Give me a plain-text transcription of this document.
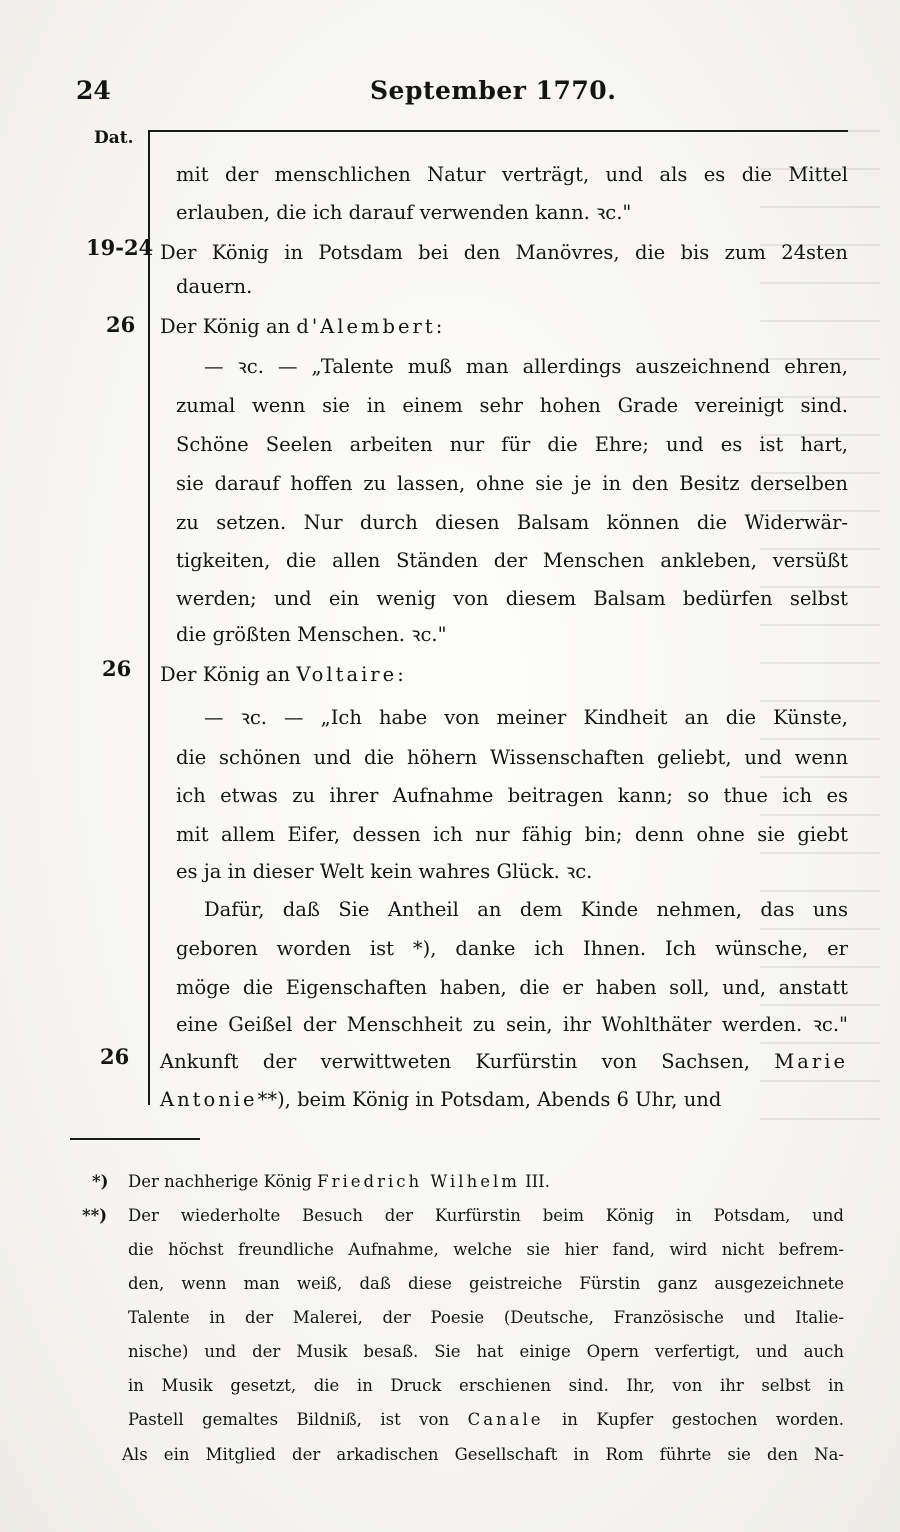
24	September 1770.
Dat.
mit der menschlichen Natur verträgt, und als es die Mittel
erlauben, die ich darauf verwenden kann. ꝛc."
19-24 Der König in Potsdam bei den Manövres, die bis zum 24sten
dauern.
26 Der König an d'Alembert:
— ꝛc. — „Talente muß man allerdings auszeichnend ehren,
zumal wenn sie in einem sehr hohen Grade vereinigt sind.
Schöne Seelen arbeiten nur für die Ehre; und es ist hart,
sie darauf hoffen zu lassen, ohne sie je in den Besitz derselben
zu setzen. Nur durch diesen Balsam können die Widerwär-
tigkeiten, die allen Ständen der Menschen ankleben, versüßt
werden; und ein wenig von diesem Balsam bedürfen selbst
die größten Menschen. ꝛc."
26 Der König an Voltaire:
— ꝛc. — „Ich habe von meiner Kindheit an die Künste,
die schönen und die höhern Wissenschaften geliebt, und wenn
ich etwas zu ihrer Aufnahme beitragen kann; so thue ich es
mit allem Eifer, dessen ich nur fähig bin; denn ohne sie giebt
es ja in dieser Welt kein wahres Glück. ꝛc.
Dafür, daß Sie Antheil an dem Kinde nehmen, das uns
geboren worden ist *), danke ich Ihnen. Ich wünsche, er
möge die Eigenschaften haben, die er haben soll, und, anstatt
eine Geißel der Menschheit zu sein, ihr Wohlthäter werden. ꝛc."
26 Ankunft der verwittweten Kurfürstin von Sachsen, Marie
Antonie**), beim König in Potsdam, Abends 6 Uhr, und
*) Der nachherige König Friedrich Wilhelm III.
**) Der wiederholte Besuch der Kurfürstin beim König in Potsdam, und
die höchst freundliche Aufnahme, welche sie hier fand, wird nicht befrem-
den, wenn man weiß, daß diese geistreiche Fürstin ganz ausgezeichnete
Talente in der Malerei, der Poesie (Deutsche, Französische und Italie-
nische) und der Musik besaß. Sie hat einige Opern verfertigt, und auch
in Musik gesetzt, die in Druck erschienen sind. Ihr, von ihr selbst in
Pastell gemaltes Bildniß, ist von Canale in Kupfer gestochen worden.
Als ein Mitglied der arkadischen Gesellschaft in Rom führte sie den Na-
